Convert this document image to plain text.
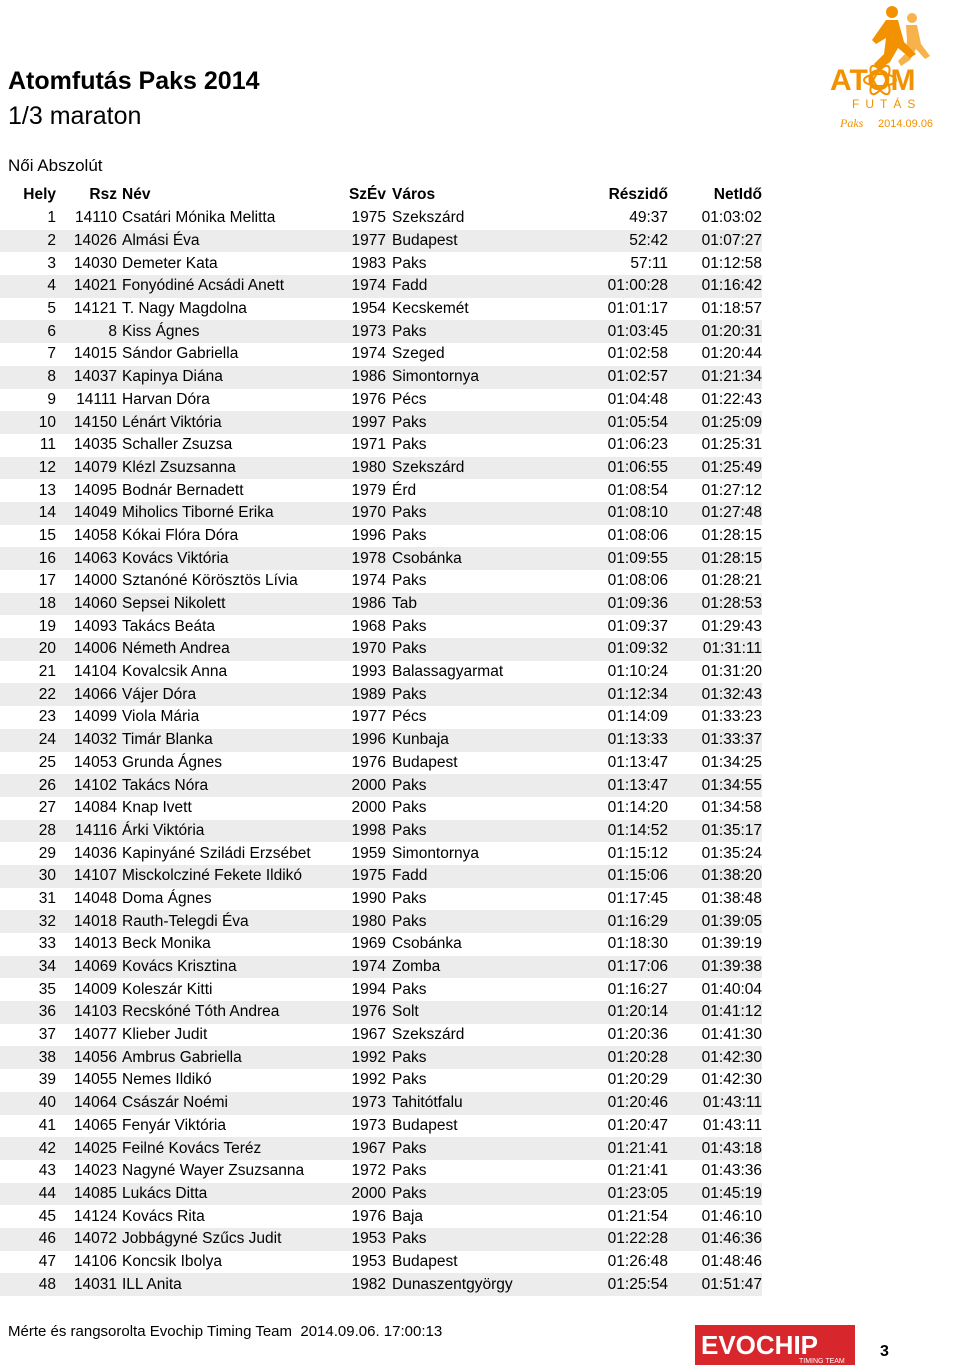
Atomfutás Paks 2014
1/3 maraton
Női Abszolút
ATOM
FUTÁS
Paks 2014.09.06
Hely	Rsz	Név	SzÉv	Város	Részidő	NetIdő
1	14110	Csatári Mónika Melitta	1975	Szekszárd	49:37	01:03:02
2	14026	Almási Éva	1977	Budapest	52:42	01:07:27
3	14030	Demeter Kata	1983	Paks	57:11	01:12:58
4	14021	Fonyódiné Acsádi Anett	1974	Fadd	01:00:28	01:16:42
5	14121	T. Nagy Magdolna	1954	Kecskemét	01:01:17	01:18:57
6	8	Kiss Ágnes	1973	Paks	01:03:45	01:20:31
7	14015	Sándor Gabriella	1974	Szeged	01:02:58	01:20:44
8	14037	Kapinya Diána	1986	Simontornya	01:02:57	01:21:34
9	14111	Harvan Dóra	1976	Pécs	01:04:48	01:22:43
10	14150	Lénárt Viktória	1997	Paks	01:05:54	01:25:09
11	14035	Schaller Zsuzsa	1971	Paks	01:06:23	01:25:31
12	14079	Klézl Zsuzsanna	1980	Szekszárd	01:06:55	01:25:49
13	14095	Bodnár Bernadett	1979	Érd	01:08:54	01:27:12
14	14049	Miholics Tiborné Erika	1970	Paks	01:08:10	01:27:48
15	14058	Kókai Flóra Dóra	1996	Paks	01:08:06	01:28:15
16	14063	Kovács Viktória	1978	Csobánka	01:09:55	01:28:15
17	14000	Sztanóné Körösztös Lívia	1974	Paks	01:08:06	01:28:21
18	14060	Sepsei Nikolett	1986	Tab	01:09:36	01:28:53
19	14093	Takács Beáta	1968	Paks	01:09:37	01:29:43
20	14006	Németh Andrea	1970	Paks	01:09:32	01:31:11
21	14104	Kovalcsik Anna	1993	Balassagyarmat	01:10:24	01:31:20
22	14066	Vájer Dóra	1989	Paks	01:12:34	01:32:43
23	14099	Viola Mária	1977	Pécs	01:14:09	01:33:23
24	14032	Timár Blanka	1996	Kunbaja	01:13:33	01:33:37
25	14053	Grunda Ágnes	1976	Budapest	01:13:47	01:34:25
26	14102	Takács Nóra	2000	Paks	01:13:47	01:34:55
27	14084	Knap Ivett	2000	Paks	01:14:20	01:34:58
28	14116	Árki Viktória	1998	Paks	01:14:52	01:35:17
29	14036	Kapinyáné Sziládi Erzsébet	1959	Simontornya	01:15:12	01:35:24
30	14107	Misckolcziné Fekete Ildikó	1975	Fadd	01:15:06	01:38:20
31	14048	Doma Ágnes	1990	Paks	01:17:45	01:38:48
32	14018	Rauth-Telegdi Éva	1980	Paks	01:16:29	01:39:05
33	14013	Beck Monika	1969	Csobánka	01:18:30	01:39:19
34	14069	Kovács Krisztina	1974	Zomba	01:17:06	01:39:38
35	14009	Koleszár Kitti	1994	Paks	01:16:27	01:40:04
36	14103	Recskóné Tóth Andrea	1976	Solt	01:20:14	01:41:12
37	14077	Klieber Judit	1967	Szekszárd	01:20:36	01:41:30
38	14056	Ambrus Gabriella	1992	Paks	01:20:28	01:42:30
39	14055	Nemes Ildikó	1992	Paks	01:20:29	01:42:30
40	14064	Császár Noémi	1973	Tahitótfalu	01:20:46	01:43:11
41	14065	Fenyár Viktória	1973	Budapest	01:20:47	01:43:11
42	14025	Feilné Kovács Teréz	1967	Paks	01:21:41	01:43:18
43	14023	Nagyné Wayer Zsuzsanna	1972	Paks	01:21:41	01:43:36
44	14085	Lukács Ditta	2000	Paks	01:23:05	01:45:19
45	14124	Kovács Rita	1976	Baja	01:21:54	01:46:10
46	14072	Jobbágyné Szűcs Judit	1953	Paks	01:22:28	01:46:36
47	14106	Koncsik Ibolya	1953	Budapest	01:26:48	01:48:46
48	14031	ILL Anita	1982	Dunaszentgyörgy	01:25:54	01:51:47
Mérte és rangsorolta Evochip Timing Team 2014.09.06. 17:00:13	EVOCHIP
TIMING TEAM
3
